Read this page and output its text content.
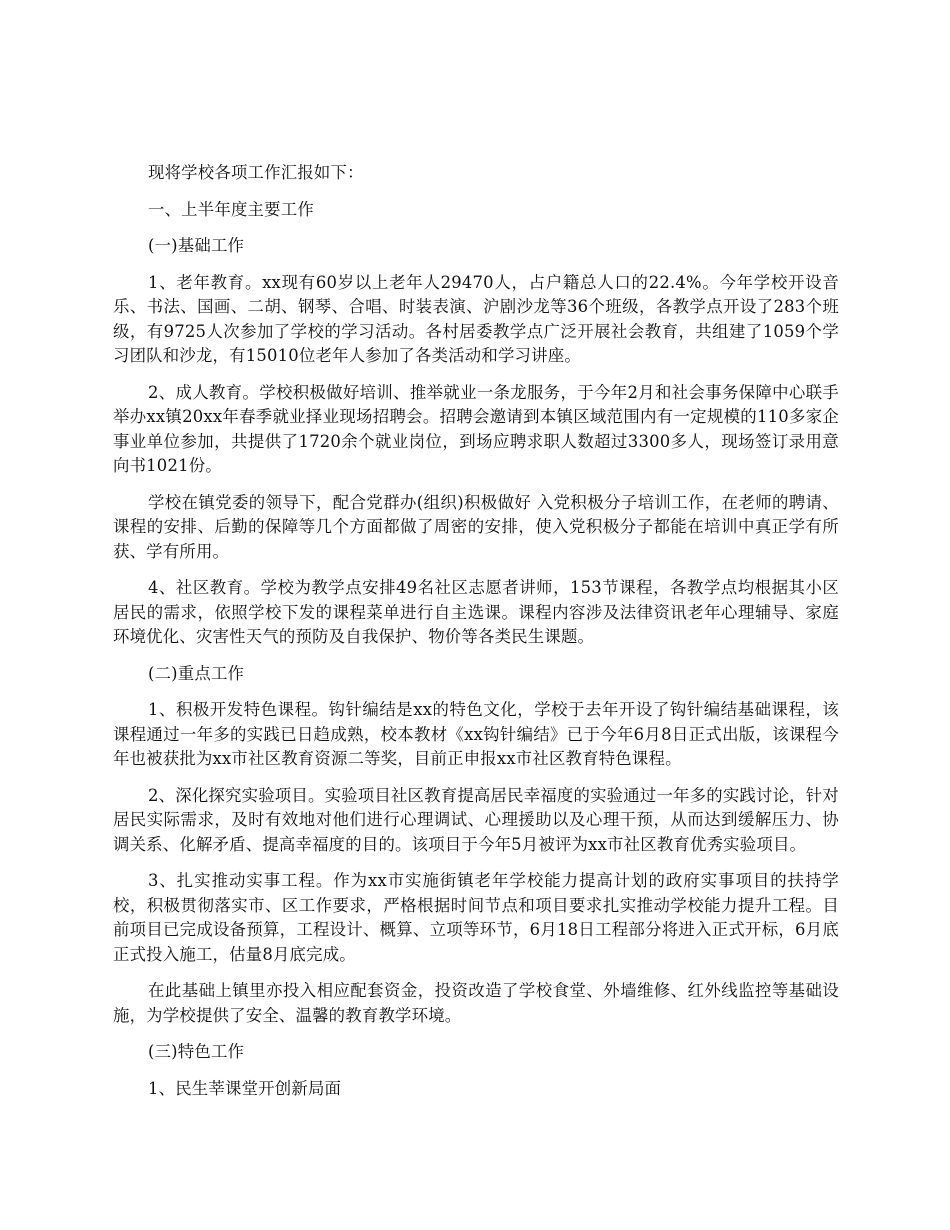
现将学校各项工作汇报如下：

一、上半年度主要工作

(一)基础工作

1、老年教育。xx现有60岁以上老年人29470人，占户籍总人口的22.4%。今年学校开设音乐、书法、国画、二胡、钢琴、合唱、时装表演、沪剧沙龙等36个班级，各教学点开设了283个班级，有9725人次参加了学校的学习活动。各村居委教学点广泛开展社会教育，共组建了1059个学习团队和沙龙，有15010位老年人参加了各类活动和学习讲座。

2、成人教育。学校积极做好培训、推举就业一条龙服务，于今年2月和社会事务保障中心联手举办xx镇20xx年春季就业择业现场招聘会。招聘会邀请到本镇区域范围内有一定规模的110多家企事业单位参加，共提供了1720余个就业岗位，到场应聘求职人数超过3300多人，现场签订录用意向书1021份。

学校在镇党委的领导下，配合党群办(组织)积极做好 入党积极分子培训工作，在老师的聘请、课程的安排、后勤的保障等几个方面都做了周密的安排，使入党积极分子都能在培训中真正学有所获、学有所用。

4、社区教育。学校为教学点安排49名社区志愿者讲师，153节课程，各教学点均根据其小区居民的需求，依照学校下发的课程菜单进行自主选课。课程内容涉及法律资讯老年心理辅导、家庭环境优化、灾害性天气的预防及自我保护、物价等各类民生课题。

(二)重点工作

1、积极开发特色课程。钩针编结是xx的特色文化，学校于去年开设了钩针编结基础课程，该课程通过一年多的实践已日趋成熟，校本教材《xx钩针编结》已于今年6月8日正式出版，该课程今年也被获批为xx市社区教育资源二等奖，目前正申报xx市社区教育特色课程。

2、深化探究实验项目。实验项目社区教育提高居民幸福度的实验通过一年多的实践讨论，针对居民实际需求，及时有效地对他们进行心理调试、心理援助以及心理干预，从而达到缓解压力、协调关系、化解矛盾、提高幸福度的目的。该项目于今年5月被评为xx市社区教育优秀实验项目。

3、扎实推动实事工程。作为xx市实施街镇老年学校能力提高计划的政府实事项目的扶持学校，积极贯彻落实市、区工作要求，严格根据时间节点和项目要求扎实推动学校能力提升工程。目前项目已完成设备预算，工程设计、概算、立项等环节，6月18日工程部分将进入正式开标，6月底正式投入施工，估量8月底完成。

在此基础上镇里亦投入相应配套资金，投资改造了学校食堂、外墙维修、红外线监控等基础设施，为学校提供了安全、温馨的教育教学环境。

(三)特色工作

1、民生莘课堂开创新局面
